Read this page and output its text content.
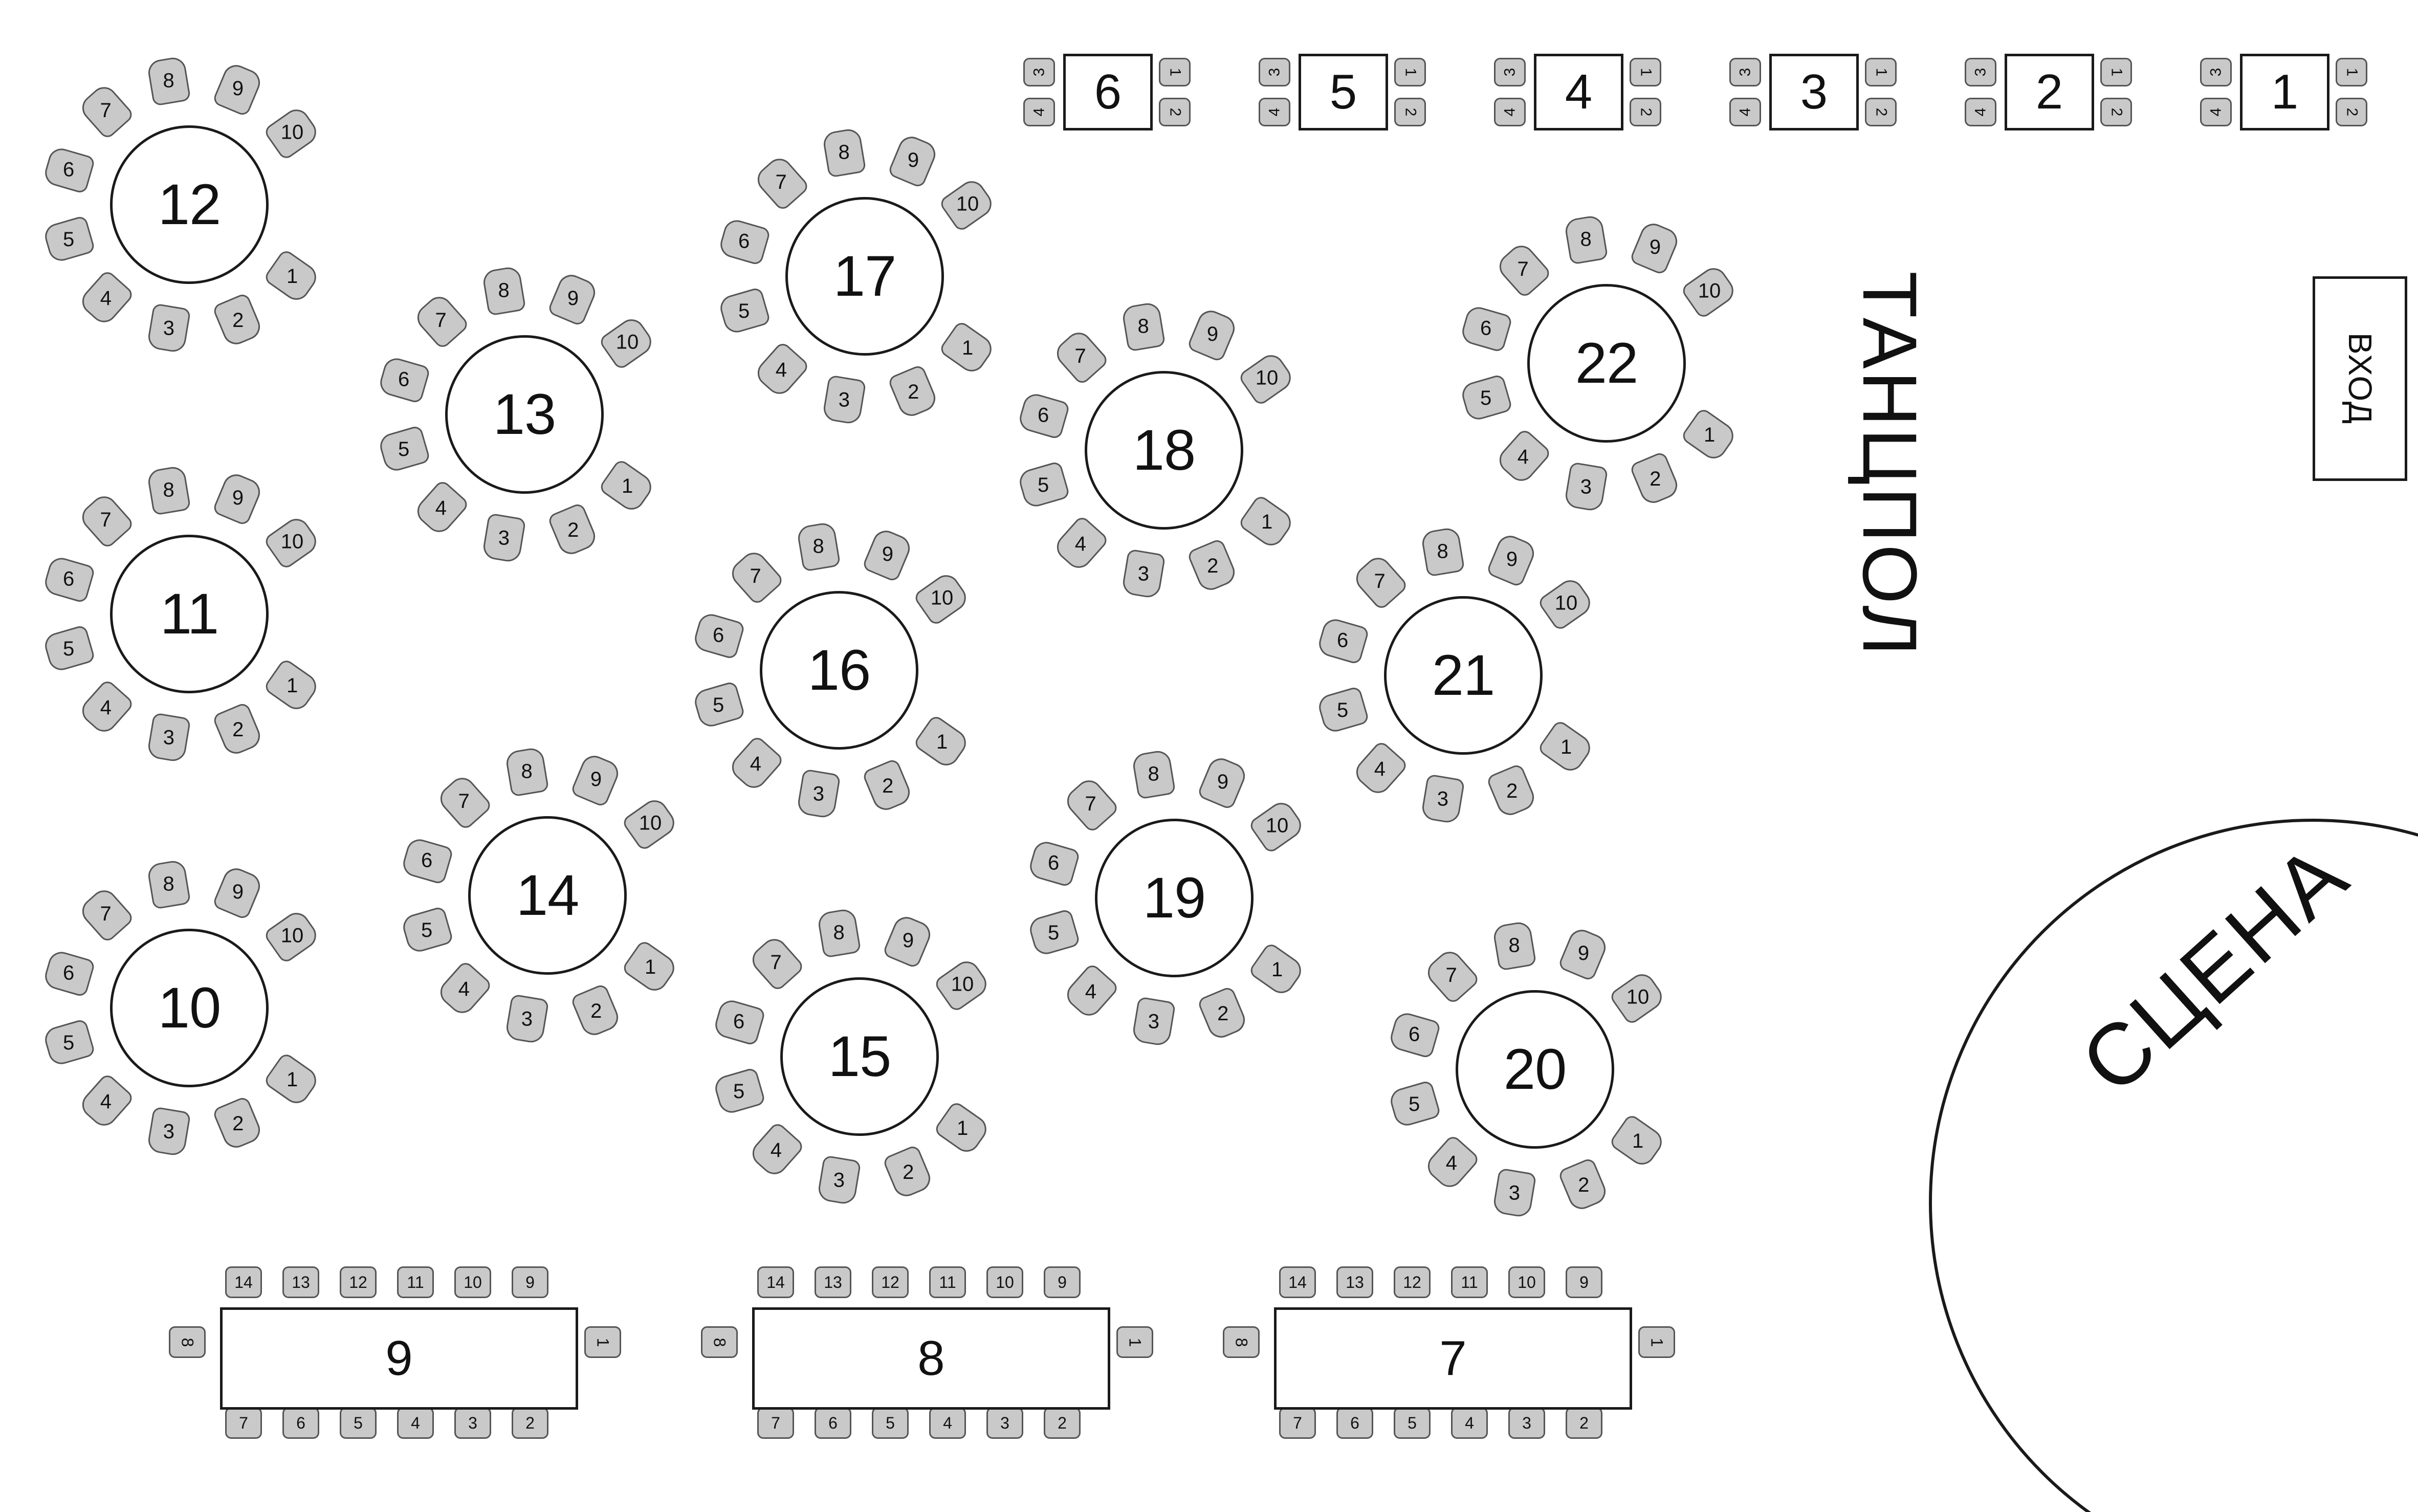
1
2
3
4
5
6
7
8	9
10
12
1
2
3
4
5
6
7
8	9
10
13
1
2
3
4
5
6
7
8	9
10
17
1
2
3
4
5
6
7
8	9
10
18	1
2
3
4
5
6
7
8	9
10
22
1
2
3
4
5
6
7
8	9
10
11
1
2
3
4
5
6
7
8	9
10
16
1
2
3
4
5
6
7
8	9
10
21
1
2
3
4
5
6
7
8	9
10
14
1
2
3
4
5
6
7
8	9
10
10
1
2
3
4
5
6
7
8	9
10
19
1
2
3
4
5
6
7
8	9
10
15
1
2
3
4
5
6
7
8	9
10
20
3
4
1
2
6	3
4
1
2
5	3
4
1
2
4	3
4
1
2
3	3
4
1
2
2	3
4
1
2
1
14 13 12 11 10	9
7	6	5	4	3	2
8	1
9
14 13 12 11 10	9
7	6	5	4	3	2
8	1
8
14 13 12 11 10	9
7	6	5	4	3	2
8	1
7
ТАНЦПОЛ	ВХОД
СЦЕНА
